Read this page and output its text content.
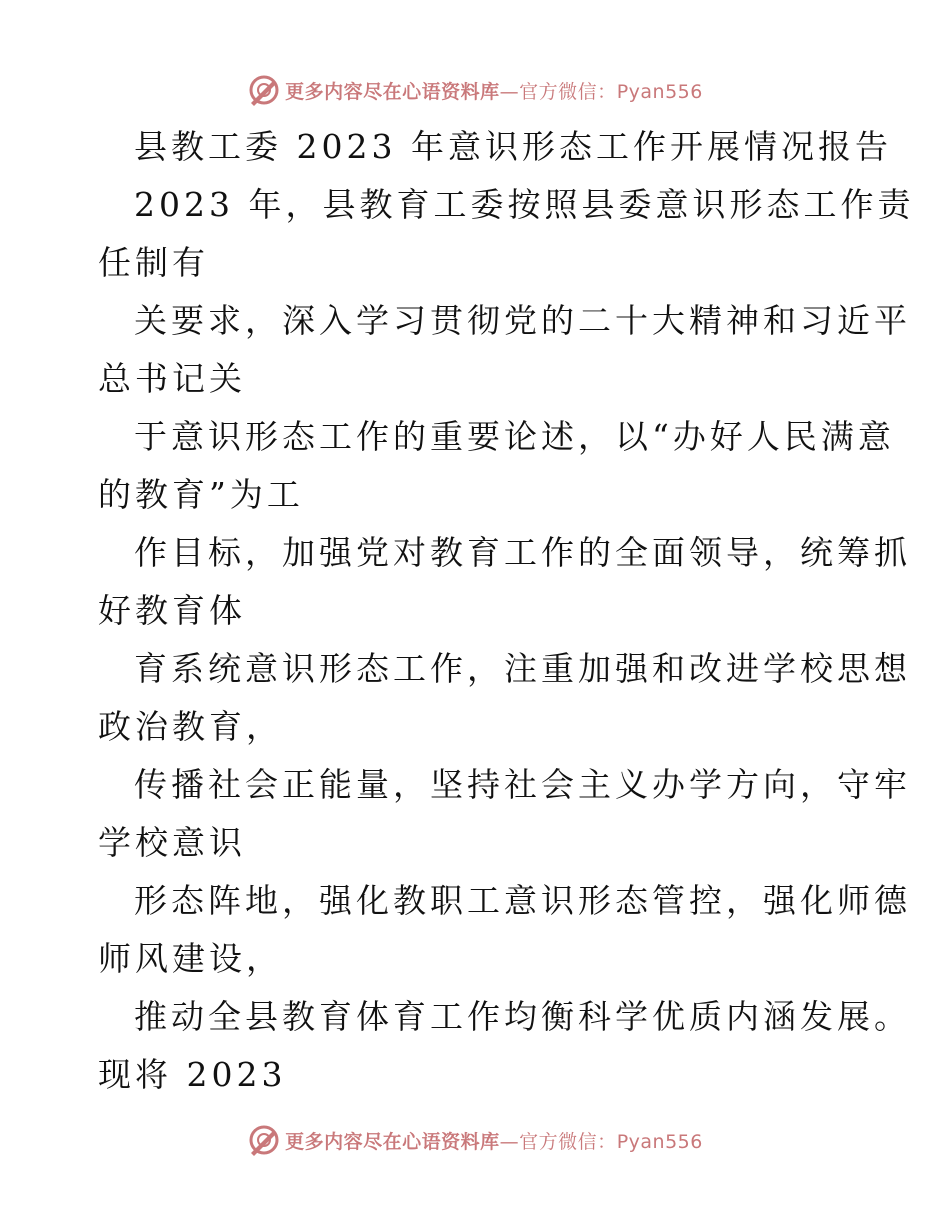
更多内容尽在心语资料库—官方微信：Pyan556
县教工委 2023 年意识形态工作开展情况报告
2023 年，县教育工委按照县委意识形态工作责
任制有
关要求，深入学习贯彻党的二十大精神和习近平
总书记关
于意识形态工作的重要论述，以“办好人民满意
的教育”为工
作目标，加强党对教育工作的全面领导，统筹抓
好教育体
育系统意识形态工作，注重加强和改进学校思想
政治教育，
传播社会正能量，坚持社会主义办学方向，守牢
学校意识
形态阵地，强化教职工意识形态管控，强化师德
师风建设，
推动全县教育体育工作均衡科学优质内涵发展。
现将 2023
更多内容尽在心语资料库—官方微信：Pyan556
